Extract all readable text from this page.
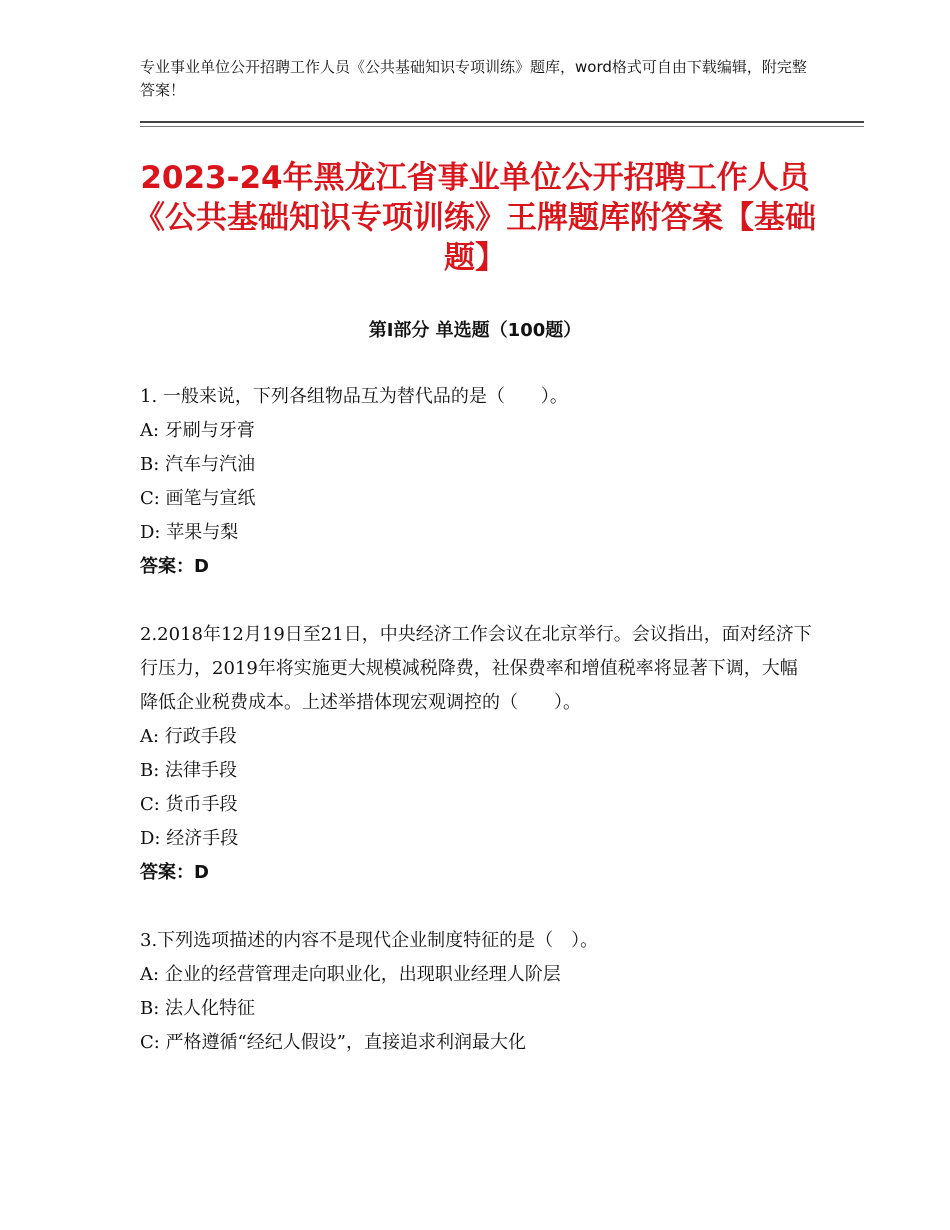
专业事业单位公开招聘工作人员《公共基础知识专项训练》题库，word格式可自由下载编辑，附完整答案！
2023-24年黑龙江省事业单位公开招聘工作人员《公共基础知识专项训练》王牌题库附答案【基础题】
第Ⅰ部分 单选题（100题）

1. 一般来说，下列各组物品互为替代品的是（　　）。

A: 牙刷与牙膏

B: 汽车与汽油

C: 画笔与宣纸

D: 苹果与梨

答案：D

2.2018年12月19日至21日，中央经济工作会议在北京举行。会议指出，面对经济下行压力，2019年将实施更大规模减税降费，社保费率和增值税率将显著下调，大幅降低企业税费成本。上述举措体现宏观调控的（　　）。

A: 行政手段

B: 法律手段

C: 货币手段

D: 经济手段

答案：D

3.下列选项描述的内容不是现代企业制度特征的是（　）。

A: 企业的经营管理走向职业化，出现职业经理人阶层

B: 法人化特征

C: 严格遵循“经纪人假设”，直接追求利润最大化
